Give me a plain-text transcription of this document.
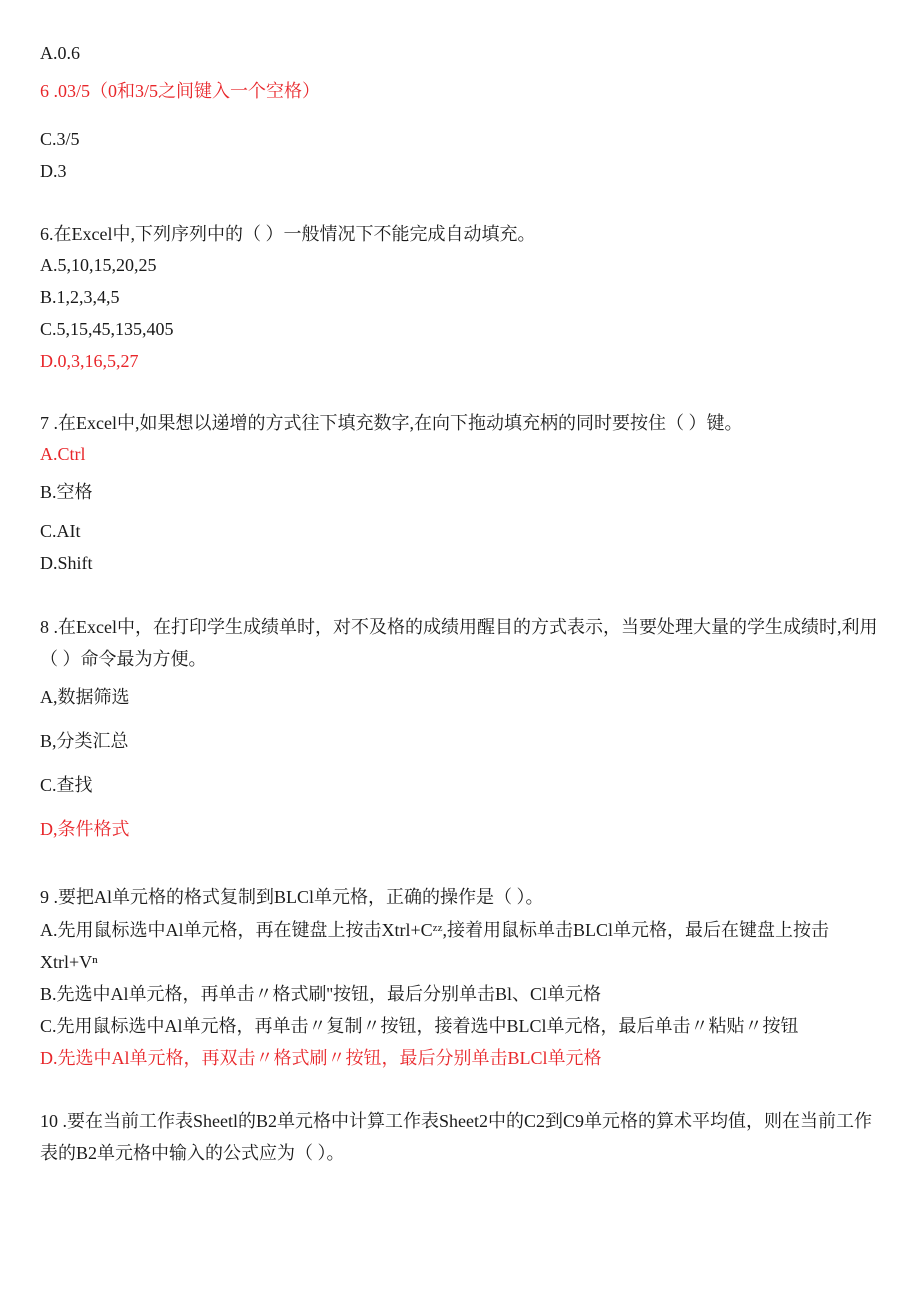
A.0.6
6 .03/5（0和3/5之间键入一个空格）
C.3/5
D.3
6.在Excel中,下列序列中的（ ）一般情况下不能完成自动填充。
A.5,10,15,20,25
B.1,2,3,4,5
C.5,15,45,135,405
D.0,3,16,5,27
7 .在Excel中,如果想以递增的方式往下填充数字,在向下拖动填充柄的同时要按住（ ）键。
A.Ctrl
B.空格
C.AIt
D.Shift
8 .在Excel中，在打印学生成绩单时，对不及格的成绩用醒目的方式表示，当要处理大量的学生成绩时,利用（ ）命令最为方便。
A,数据筛选
B,分类汇总
C.查找
D,条件格式
9 .要把Al单元格的格式复制到BLCl单元格，正确的操作是（ ）。
A.先用鼠标选中Al单元格，再在键盘上按击Xtrl+Cᶻᶻ,接着用鼠标单击BLCl单元格，最后在键盘上按击Xtrl+Vⁿ
B.先选中Al单元格，再单击〃格式刷''按钮，最后分别单击Bl、Cl单元格
C.先用鼠标选中Al单元格，再单击〃复制〃按钮，接着选中BLCl单元格，最后单击〃粘贴〃按钮
D.先选中Al单元格，再双击〃格式刷〃按钮，最后分别单击BLCl单元格
10 .要在当前工作表Sheetl的B2单元格中计算工作表Sheet2中的C2到C9单元格的算术平均值，则在当前工作表的B2单元格中输入的公式应为（ ）。
